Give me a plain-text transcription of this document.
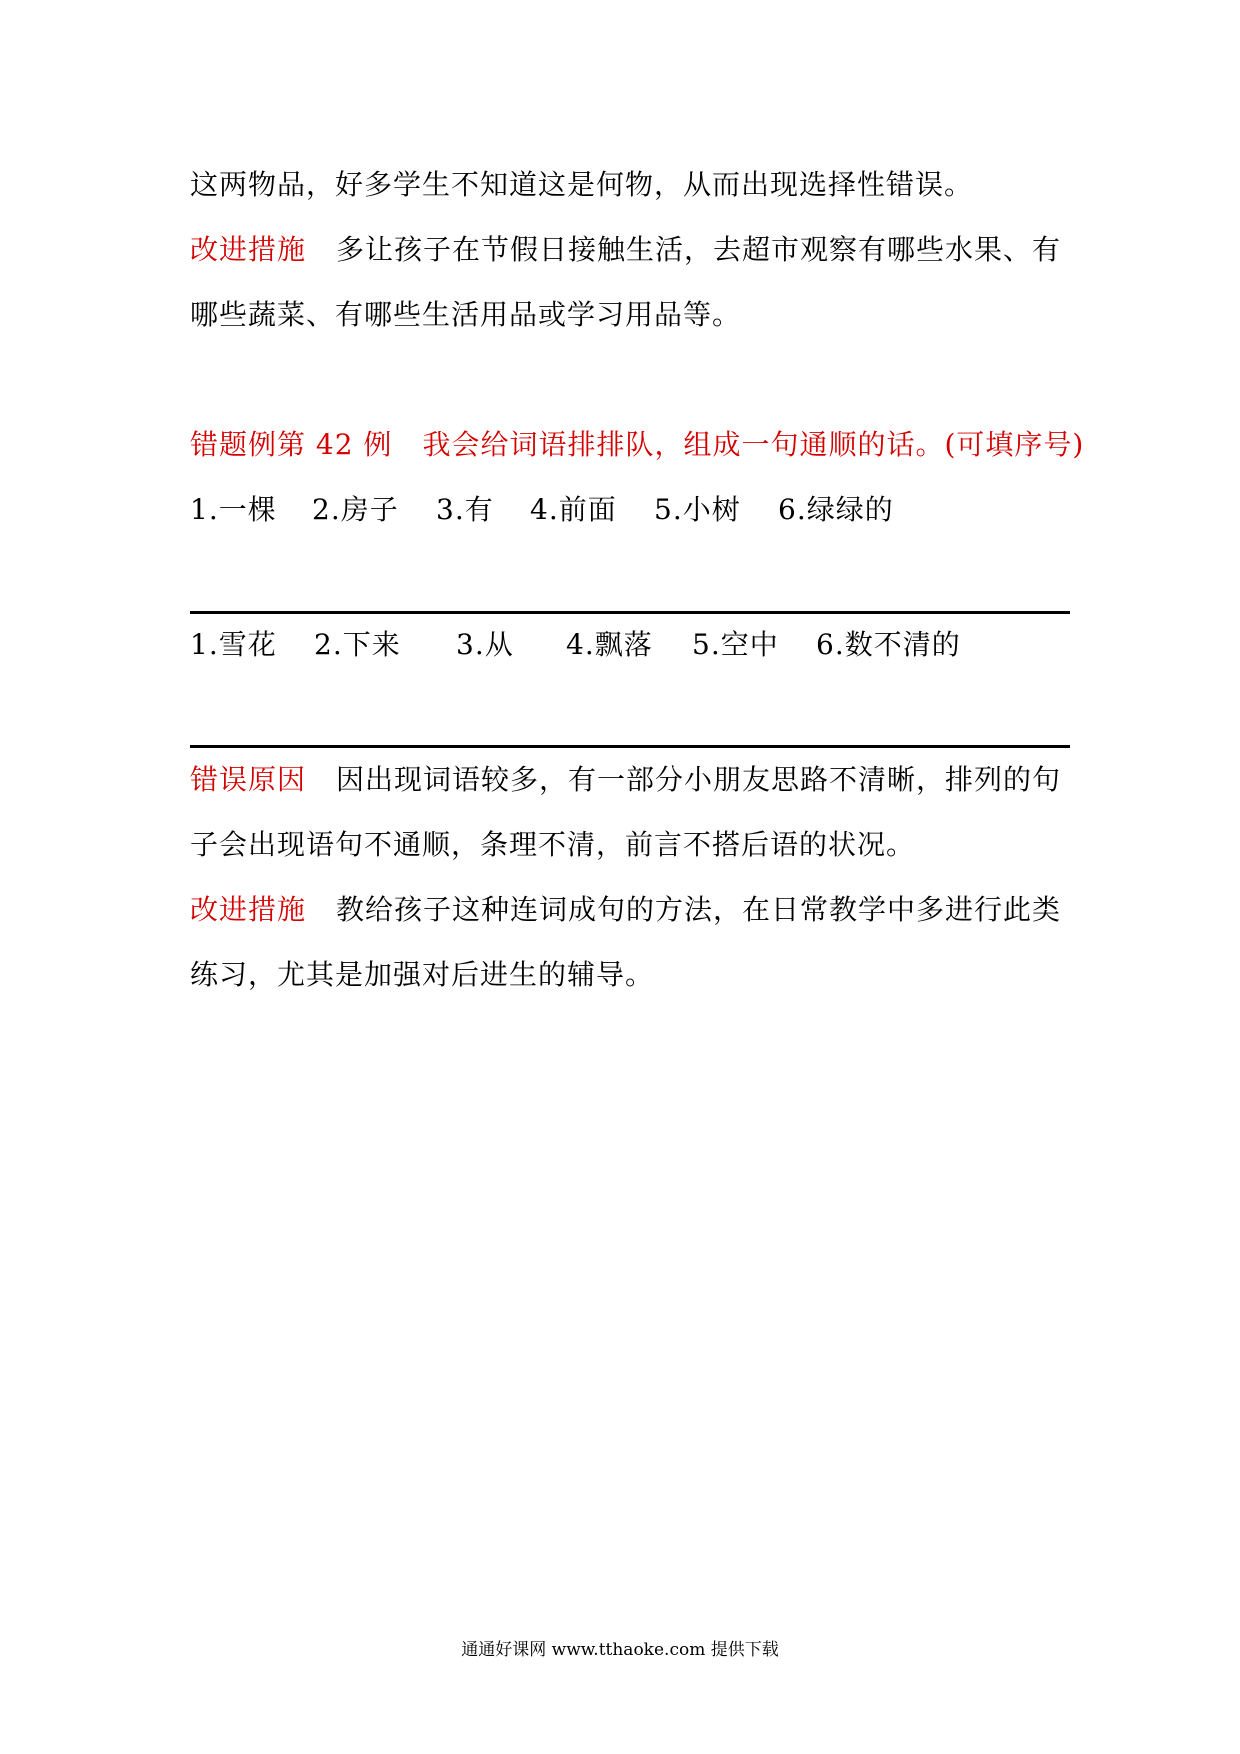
这两物品，好多学生不知道这是何物，从而出现选择性错误。
改进措施 多让孩子在节假日接触生活，去超市观察有哪些水果、有
哪些蔬菜、有哪些生活用品或学习用品等。
错题例第 42 例 我会给词语排排队，组成一句通顺的话。(可填序号)
1.一棵	2.房子	3.有	4.前面	5.小树	6.绿绿的
1.雪花	2.下来	3.从	4.飘落	5.空中	6.数不清的
错误原因 因出现词语较多，有一部分小朋友思路不清晰，排列的句
子会出现语句不通顺，条理不清，前言不搭后语的状况。
改进措施 教给孩子这种连词成句的方法，在日常教学中多进行此类
练习，尤其是加强对后进生的辅导。
通通好课网 www.tthaoke.com 提供下载
